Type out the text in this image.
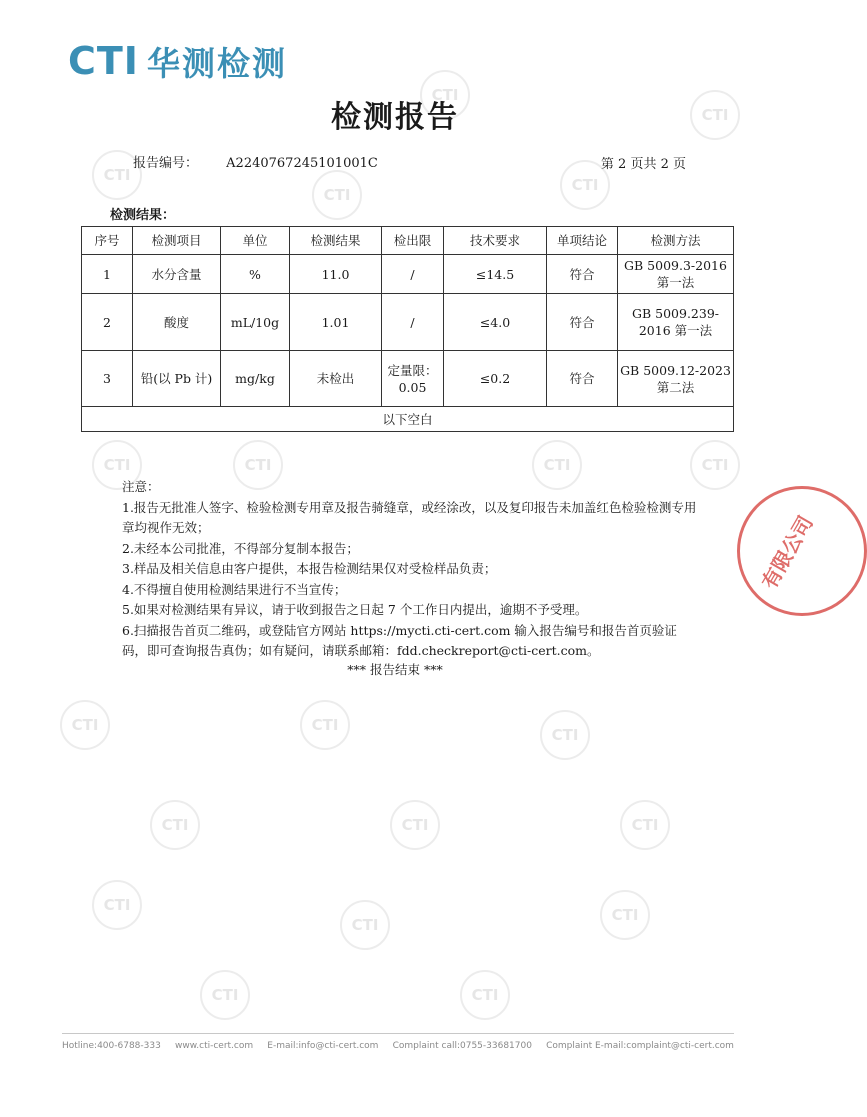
CTI
CTI
CTI
CTI
CTI
CTI	CTI	CTI	CTI
CTI	CTI
CTI
CTI	CTI	CTI
CTI
CTI
CTI
CTI	CTI
CTI 华测检测
检测报告
报告编号： A2240767245101001C	第 2 页共 2 页
检测结果：
序号	检测项目	单位	检测结果	检出限	技术要求	单项结论	检测方法
1	水分含量	%	11.0	/	≤14.5	符合	GB 5009.3-2016 第一法
2	酸度	mL/10g	1.01	/	≤4.0	符合	GB 5009.239-2016 第一法
3	铅(以 Pb 计)	mg/kg	未检出	定量限：0.05	≤0.2	符合	GB 5009.12-2023 第二法
以下空白							

注意：

1.报告无批准人签字、检验检测专用章及报告骑缝章，或经涂改，以及复印报告未加盖红色检验检测专用章均视作无效；

2.未经本公司批准，不得部分复制本报告；

3.样品及相关信息由客户提供，本报告检测结果仅对受检样品负责；

4.不得擅自使用检测结果进行不当宣传；

5.如果对检测结果有异议，请于收到报告之日起 7 个工作日内提出，逾期不予受理。

6.扫描报告首页二维码，或登陆官方网站 https://mycti.cti-cert.com 输入报告编号和报告首页验证码，即可查询报告真伪；如有疑问，请联系邮箱：fdd.checkreport@cti-cert.com。

*** 报告结束 ***
有限公司
Hotline:400-6788-333 www.cti-cert.com E-mail:info@cti-cert.com Complaint call:0755-33681700 Complaint E-mail:complaint@cti-cert.com
